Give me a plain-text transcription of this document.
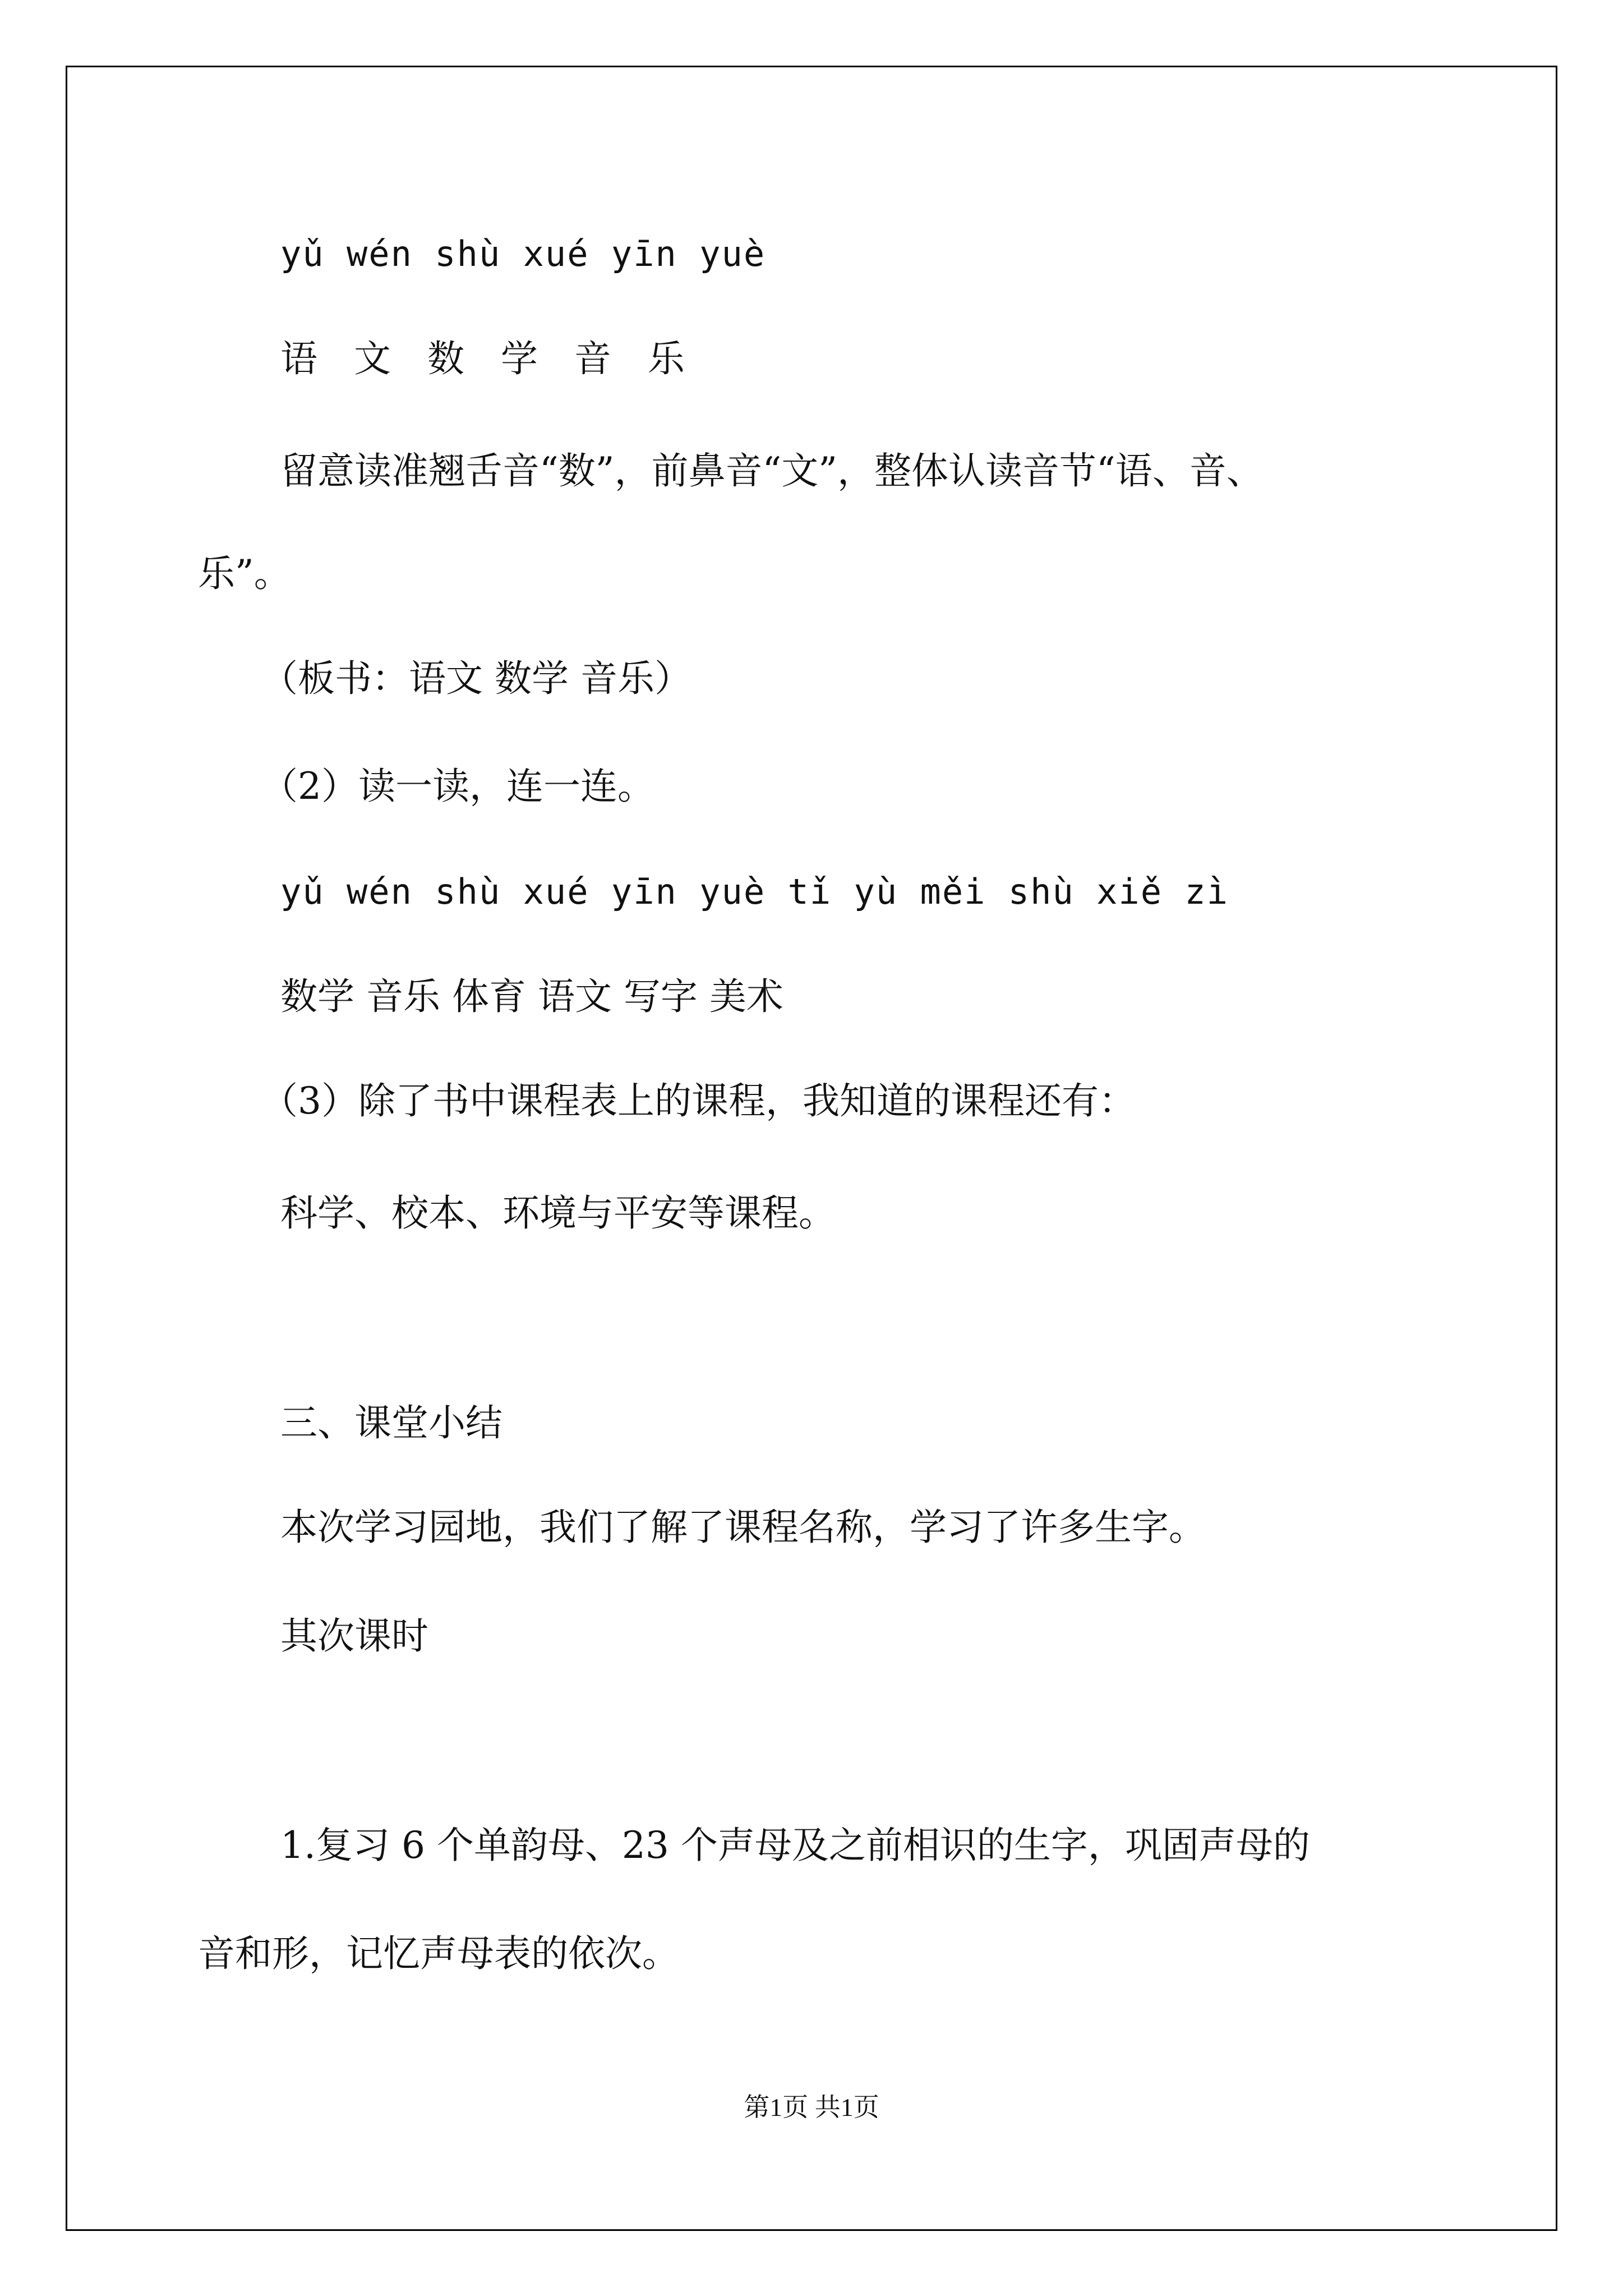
yǔ wén shù xué yīn yuè
语 文 数 学 音 乐
留意读准翘舌音“数”，前鼻音“文”，整体认读音节“语、音、
乐”。
（板书：语文 数学 音乐）
（2）读一读，连一连。
yǔ wén shù xué yīn yuè tǐ yù měi shù xiě zì
数学 音乐 体育 语文 写字 美术
（3）除了书中课程表上的课程，我知道的课程还有：
科学、校本、环境与平安等课程。
三、课堂小结
本次学习园地，我们了解了课程名称，学习了许多生字。
其次课时
1.复习 6 个单韵母、23 个声母及之前相识的生字，巩固声母的
音和形，记忆声母表的依次。
第1页 共1页
